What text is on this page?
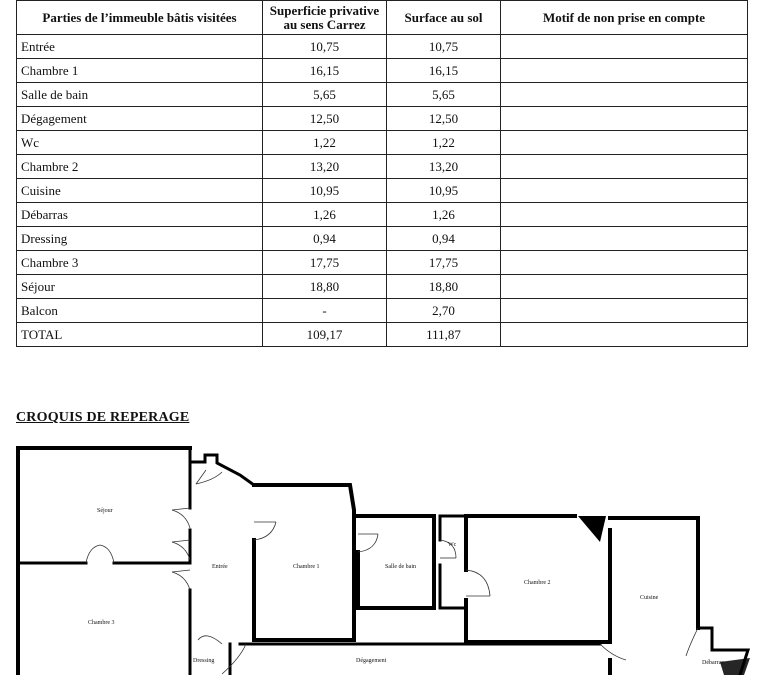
Parties de l’immeuble bâtis visitées	Superficie privative au sens Carrez	Surface au sol	Motif de non prise en compte
Entrée	10,75	10,75	
Chambre 1	16,15	16,15	
Salle de bain	5,65	5,65	
Dégagement	12,50	12,50	
Wc	1,22	1,22	
Chambre 2	13,20	13,20	
Cuisine	10,95	10,95	
Débarras	1,26	1,26	
Dressing	0,94	0,94	
Chambre 3	17,75	17,75	
Séjour	18,80	18,80	
Balcon	-	2,70	
TOTAL	109,17	111,87	
CROQUIS DE REPERAGE
Séjour
Chambre 3
Entrée	Chambre 1	Salle de bain
Wc
Chambre 2
Cuisine
Dressing	Dégagement	Débarras
